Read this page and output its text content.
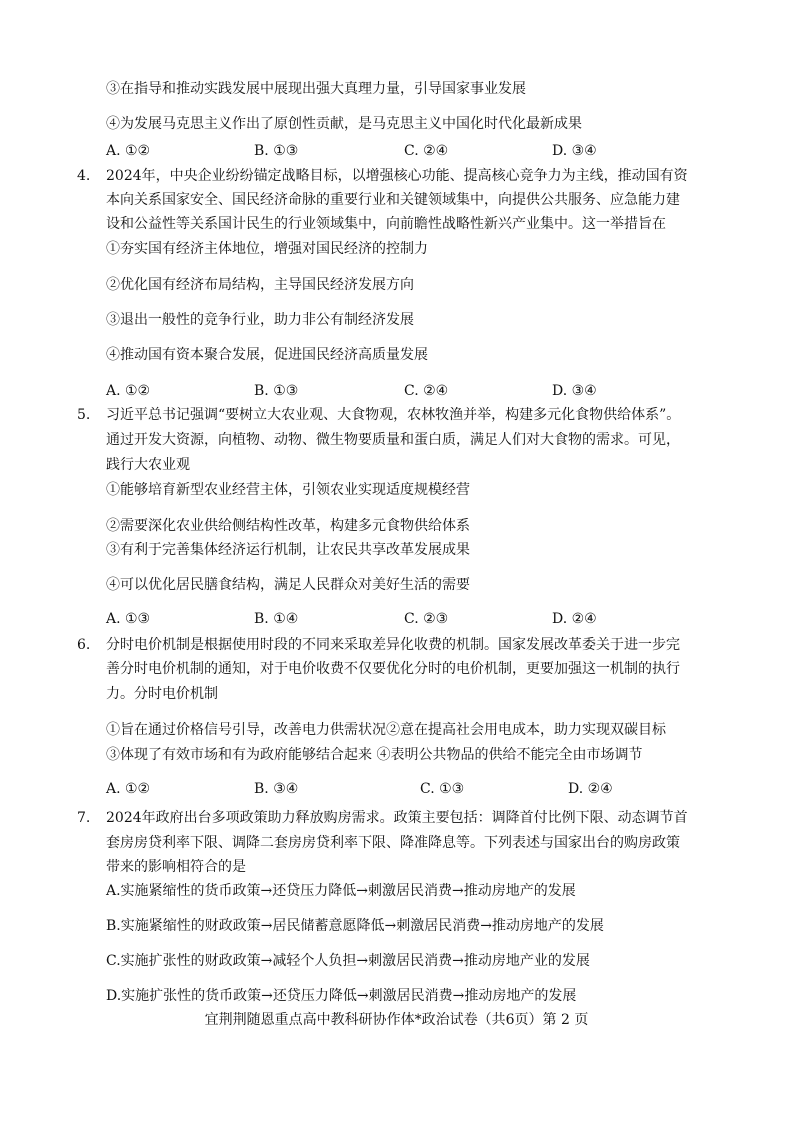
③在指导和推动实践发展中展现出强大真理力量，引导国家事业发展
④为发展马克思主义作出了原创性贡献，是马克思主义中国化时代化最新成果
A. ①②	B. ①③	C. ②④	D. ③④
4. 2024年，中央企业纷纷锚定战略目标，以增强核心功能、提高核心竞争力为主线，推动国有资
本向关系国家安全、国民经济命脉的重要行业和关键领域集中，向提供公共服务、应急能力建
设和公益性等关系国计民生的行业领域集中，向前瞻性战略性新兴产业集中。这一举措旨在
①夯实国有经济主体地位，增强对国民经济的控制力
②优化国有经济布局结构，主导国民经济发展方向
③退出一般性的竞争行业，助力非公有制经济发展
④推动国有资本聚合发展，促进国民经济高质量发展
A. ①②	B. ①③	C. ②④	D. ③④
5. 习近平总书记强调“要树立大农业观、大食物观，农林牧渔并举，构建多元化食物供给体系”。
通过开发大资源，向植物、动物、微生物要质量和蛋白质，满足人们对大食物的需求。可见，
践行大农业观
①能够培育新型农业经营主体，引领农业实现适度规模经营
②需要深化农业供给侧结构性改革，构建多元食物供给体系
③有利于完善集体经济运行机制，让农民共享改革发展成果
④可以优化居民膳食结构，满足人民群众对美好生活的需要
A. ①③	B. ①④	C. ②③	D. ②④
6. 分时电价机制是根据使用时段的不同来采取差异化收费的机制。国家发展改革委关于进一步完
善分时电价机制的通知，对于电价收费不仅要优化分时的电价机制，更要加强这一机制的执行
力。分时电价机制
①旨在通过价格信号引导，改善电力供需状况②意在提高社会用电成本，助力实现双碳目标
③体现了有效市场和有为政府能够结合起来 ④表明公共物品的供给不能完全由市场调节
A. ①②	B. ③④	C. ①③	D. ②④
7. 2024年政府出台多项政策助力释放购房需求。政策主要包括：调降首付比例下限、动态调节首
套房房贷利率下限、调降二套房房贷利率下限、降准降息等。下列表述与国家出台的购房政策
带来的影响相符合的是
A.实施紧缩性的货币政策→还贷压力降低→刺激居民消费→推动房地产的发展
B.实施紧缩性的财政政策→居民储蓄意愿降低→刺激居民消费→推动房地产的发展
C.实施扩张性的财政政策→减轻个人负担→刺激居民消费→推动房地产业的发展
D.实施扩张性的货币政策→还贷压力降低→刺激居民消费→推动房地产的发展
宜荆荆随恩重点高中教科研协作体*政治试卷（共6页）第 2 页
